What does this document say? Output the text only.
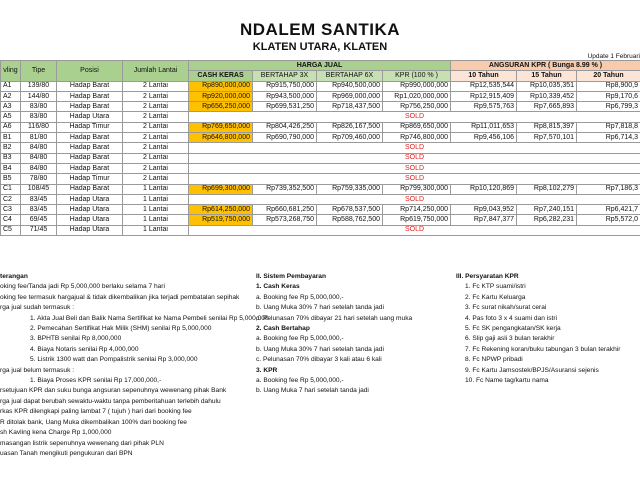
NDALEM SANTIKA
KLATEN UTARA, KLATEN
Update 1 Februari
vling	Tipe	Posisi	Jumlah Lantai	HARGA JUAL				ANGSURAN KPR ( Bunga 8.99 % )		
				CASH KERAS	BERTAHAP 3X	BERTAHAP 6X	KPR (100 % )	10 Tahun	15 Tahun	20 Tahun
A1	139/80	Hadap Barat	2 Lantai	Rp890,000,000	Rp915,750,000	Rp940,500,000	Rp990,000,000	Rp12,535,544	Rp10,035,351	Rp8,900,9
A2	144/80	Hadap Barat	2 Lantai	Rp920,000,000	Rp943,500,000	Rp969,000,000	Rp1,020,000,000	Rp12,915,409	Rp10,339,452	Rp9,170,6
A3	83/80	Hadap Barat	2 Lantai	Rp656,250,000	Rp699,531,250	Rp718,437,500	Rp756,250,000	Rp9,575,763	Rp7,665,893	Rp6,799,3
A5	83/80	Hadap Utara	2 Lantai	SOLD						
A6	116/80	Hadap Timur	2 Lantai	Rp769,650,000	Rp804,426,250	Rp826,167,500	Rp869,650,000	Rp11,011,653	Rp8,815,397	Rp7,818,8
B1	81/80	Hadap Barat	2 Lantai	Rp646,800,000	Rp690,790,000	Rp709,460,000	Rp746,800,000	Rp9,456,106	Rp7,570,101	Rp6,714,3
B2	84/80	Hadap Barat	2 Lantai	SOLD						
B3	84/80	Hadap Barat	2 Lantai	SOLD						
B4	84/80	Hadap Barat	2 Lantai	SOLD						
B5	78/80	Hadap Timur	2 Lantai	SOLD						
C1	108/45	Hadap Barat	1 Lantai	Rp699,300,000	Rp739,352,500	Rp759,335,000	Rp799,300,000	Rp10,120,869	Rp8,102,279	Rp7,186,3
C2	83/45	Hadap Utara	1 Lantai	SOLD						
C3	83/45	Hadap Utara	1 Lantai	Rp614,250,000	Rp660,681,250	Rp678,537,500	Rp714,250,000	Rp9,043,952	Rp7,240,151	Rp6,421,7
C4	69/45	Hadap Utara	1 Lantai	Rp519,750,000	Rp573,268,750	Rp588,762,500	Rp619,750,000	Rp7,847,377	Rp6,282,231	Rp5,572,0
C5	71/45	Hadap Utara	1 Lantai	SOLD						
terangan
oking fee/Tanda jadi Rp 5,000,000 berlaku selama 7 hari
oking fee termasuk hargajual & tidak dikembalikan jika terjadi pembatalan sepihak
rga jual sudah termasuk :
1. Akta Jual Beli dan Balik Nama Sertifikat ke Nama Pembeli senilai Rp 5,000,000
2. Pemecahan Sertifikat Hak Milik (SHM) senilai Rp 5,000,000
3. BPHTB senilai Rp 8,000,000
4. Biaya Notaris senilai Rp 4,000,000
5. Listrik 1300 watt dan Pompalistrik senilai Rp 3,000,000
rga jual belum termasuk :
1. Biaya Proses KPR senilai Rp 17,000,000,-
rsetujuan KPR dan suku bunga angsuran sepenuhnya wewenang pihak Bank
rga jual dapat berubah sewaktu-waktu tanpa pemberitahuan terlebih dahulu
rkas KPR dilengkapi paling lambat 7 ( tujuh ) hari dari booking fee
R ditolak bank, Uang Muka dikembalikan 100% dari booking fee
sh Kavling kena Charge Rp 1,000,000
masangan listrik sepenuhnya wewenang dari pihak PLN
uasan Tanah mengikuti pengukuran dari BPN
II. Sistem Pembayaran
1. Cash Keras
a. Booking fee Rp 5,000,000,-
b. Uang Muka 30% 7 hari setelah tanda jadi
c. Pelunasan 70% dibayar 21 hari setelah uang muka
2. Cash Bertahap
a. Booking fee Rp 5,000,000,-
b. Uang Muka 30% 7 hari setelah tanda jadi
c. Pelunasan 70% dibayar 3 kali atau 6 kali
3. KPR
a. Booking fee Rp 5,000,000,-
b. Uang Muka 7 hari setelah tanda jadi
III. Persyaratan KPR
1. Fc KTP suami/istri
2. Fc Kartu Keluarga
3. Fc surat nikah/surat cerai
4. Pas foto 3 x 4 suami dan istri
5. Fc SK pengangkatan/SK kerja
6. Slip gaji asli 3 bulan terakhir
7. Fc Rekening koran/buku tabungan 3 bulan terakhir
8. Fc NPWP pribadi
9. Fc Kartu Jamsostek/BPJS/Asuransi sejenis
10. Fc Name tag/kartu nama
